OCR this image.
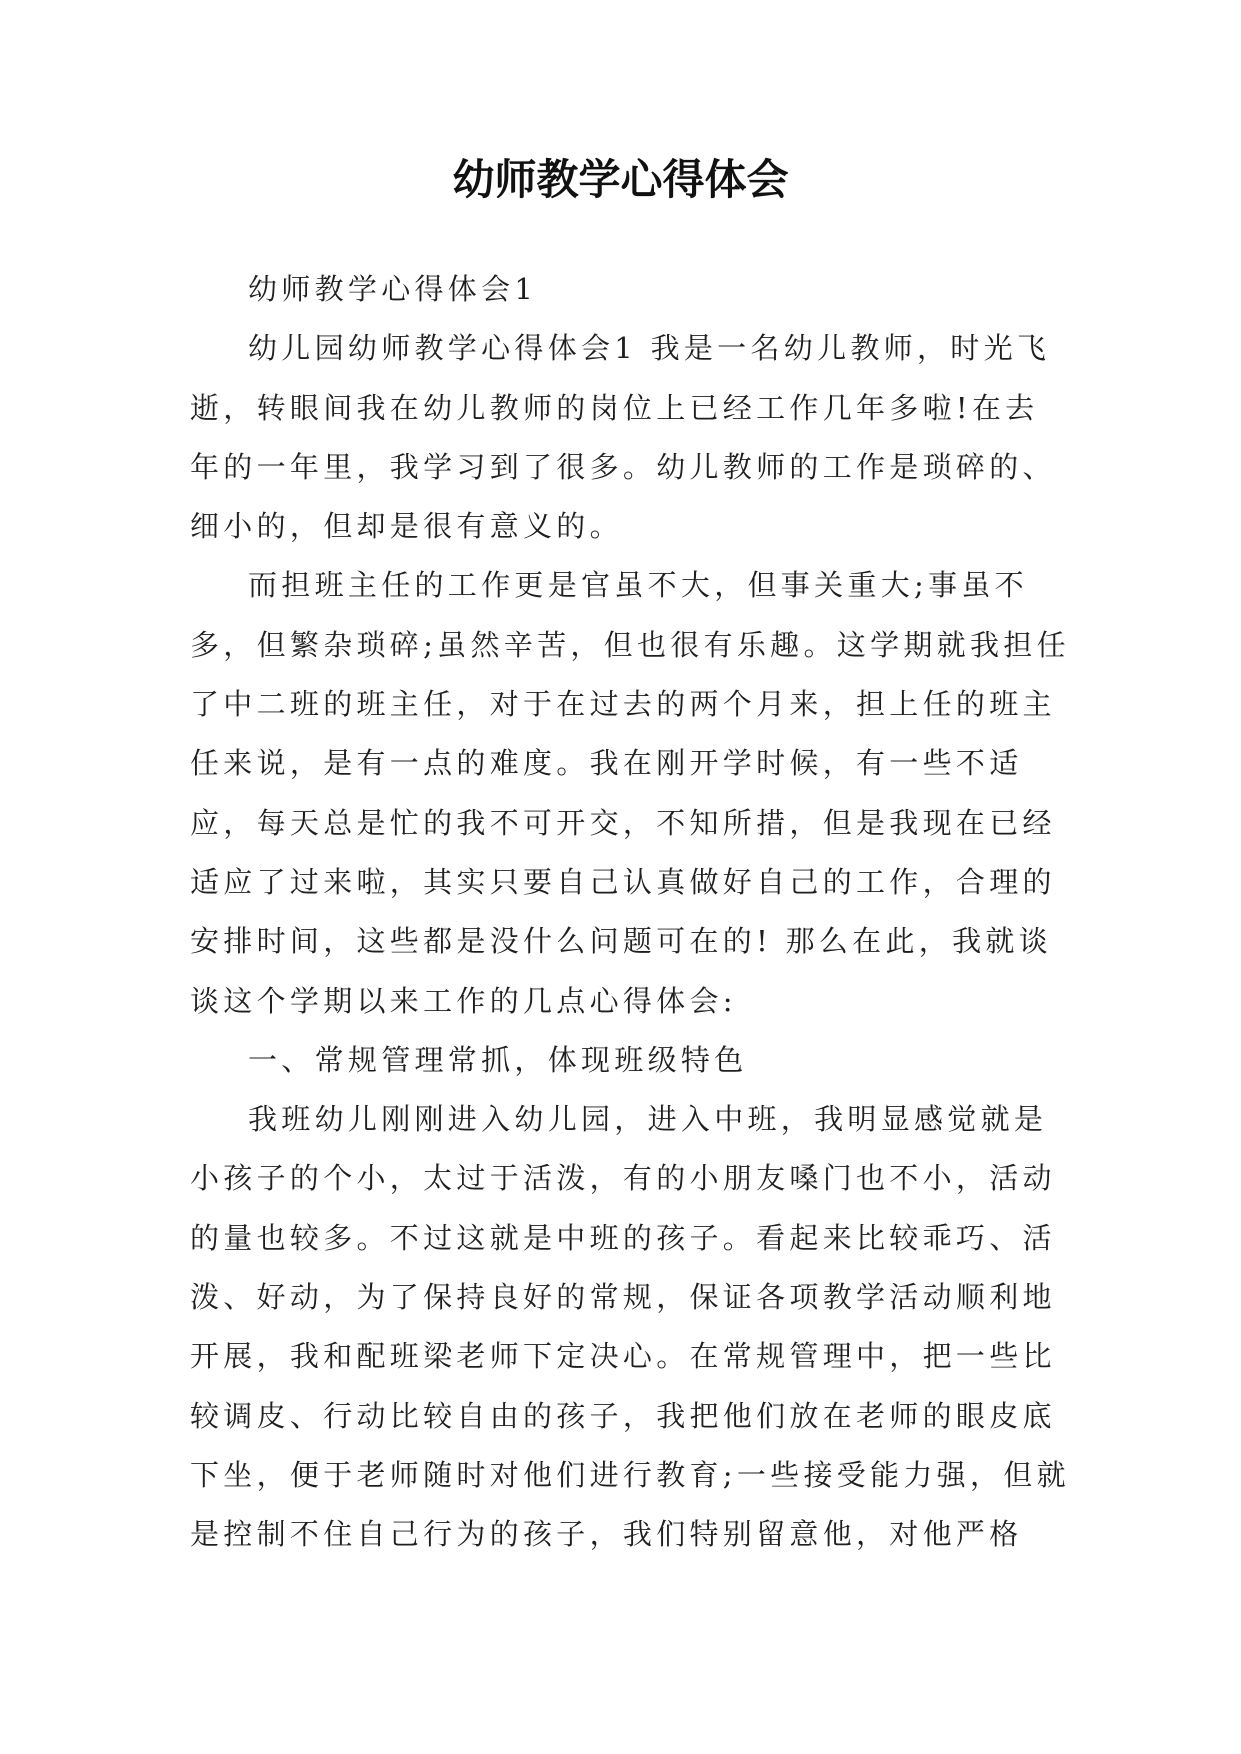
幼师教学心得体会

幼师教学心得体会1

幼儿园幼师教学心得体会1 我是一名幼儿教师，时光飞逝，转眼间我在幼儿教师的岗位上已经工作几年多啦!在去年的一年里，我学习到了很多。幼儿教师的工作是琐碎的、细小的，但却是很有意义的。

而担班主任的工作更是官虽不大，但事关重大;事虽不多，但繁杂琐碎;虽然辛苦，但也很有乐趣。这学期就我担任了中二班的班主任，对于在过去的两个月来，担上任的班主任来说，是有一点的难度。我在刚开学时候，有一些不适应，每天总是忙的我不可开交，不知所措，但是我现在已经适应了过来啦，其实只要自己认真做好自己的工作，合理的安排时间，这些都是没什么问题可在的! 那么在此，我就谈谈这个学期以来工作的几点心得体会:

一、常规管理常抓，体现班级特色

我班幼儿刚刚进入幼儿园，进入中班，我明显感觉就是小孩子的个小，太过于活泼，有的小朋友嗓门也不小，活动的量也较多。不过这就是中班的孩子。看起来比较乖巧、活泼、好动，为了保持良好的常规，保证各项教学活动顺利地开展，我和配班梁老师下定决心。在常规管理中，把一些比较调皮、行动比较自由的孩子，我把他们放在老师的眼皮底下坐，便于老师随时对他们进行教育;一些接受能力强，但就是控制不住自己行为的孩子，我们特别留意他，对他严格
